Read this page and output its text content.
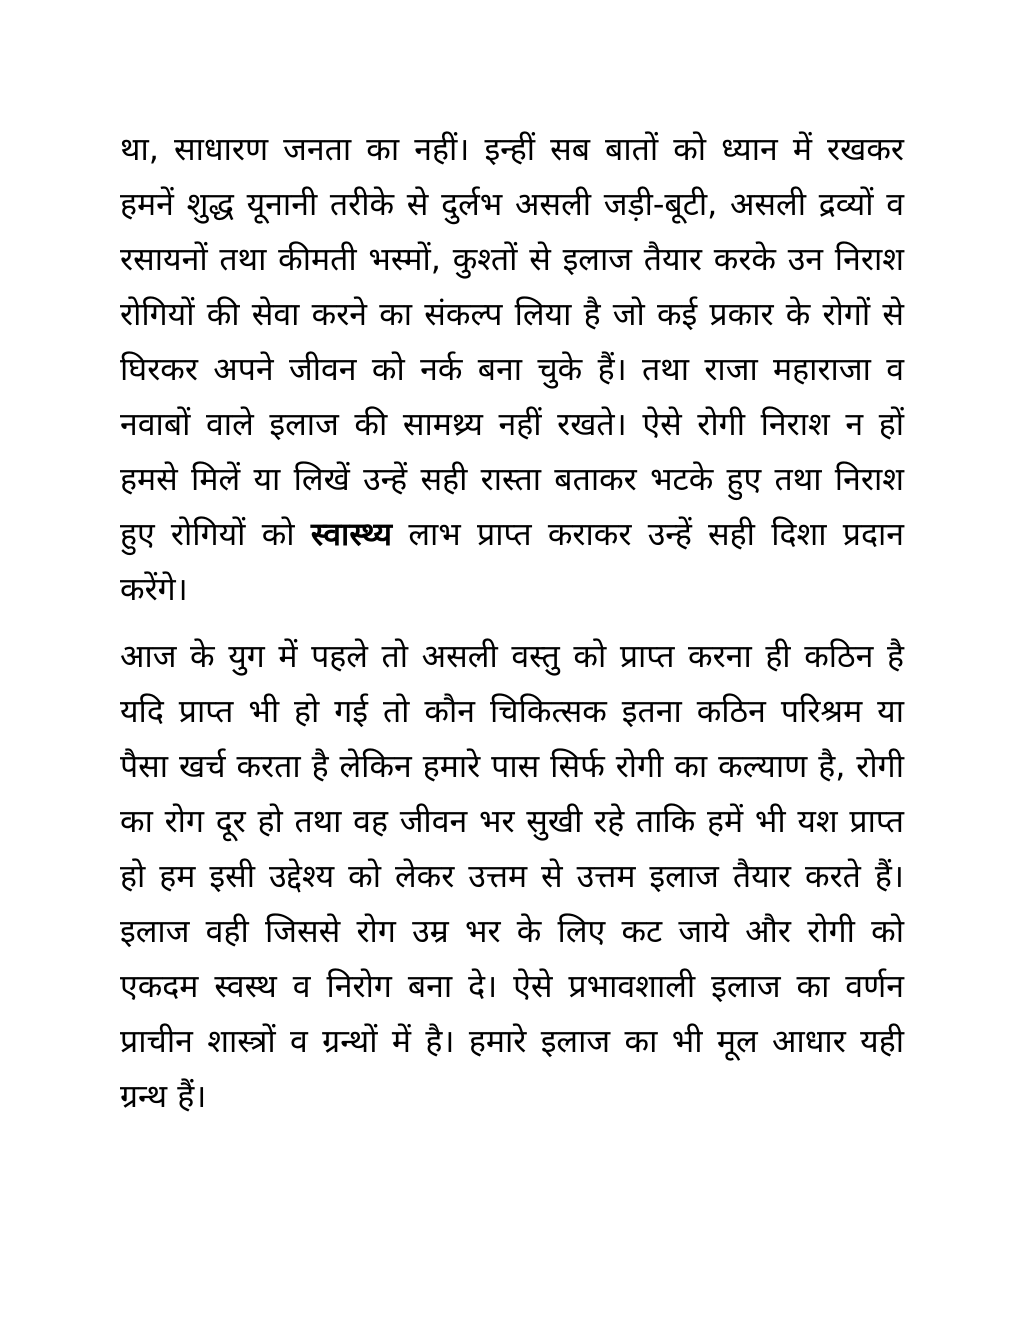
था, साधारण जनता का नहीं। इन्हीं सब बातों को ध्यान में रखकर हमनें शुद्ध यूनानी तरीके से दुर्लभ असली जड़ी-बूटी, असली द्रव्यों व रसायनों तथा कीमती भस्मों, कुश्तों से इलाज तैयार करके उन निराश रोगियों की सेवा करने का संकल्प लिया है जो कई प्रकार के रोगों से घिरकर अपने जीवन को नर्क बना चुके हैं। तथा राजा महाराजा व नवाबों वाले इलाज की सामथ्र्य नहीं रखते। ऐसे रोगी निराश न हों हमसे मिलें या लिखें उन्हें सही रास्ता बताकर भटके हुए तथा निराश हुए रोगियों को स्वास्थ्य लाभ प्राप्त कराकर उन्हें सही दिशा प्रदान करेंगे।

आज के युग में पहले तो असली वस्तु को प्राप्त करना ही कठिन है यदि प्राप्त भी हो गई तो कौन चिकित्सक इतना कठिन परिश्रम या पैसा खर्च करता है लेकिन हमारे पास सिर्फ रोगी का कल्याण है, रोगी का रोग दूर हो तथा वह जीवन भर सुखी रहे ताकि हमें भी यश प्राप्त हो हम इसी उद्देश्य को लेकर उत्तम से उत्तम इलाज तैयार करते हैं। इलाज वही जिससे रोग उम्र भर के लिए कट जाये और रोगी को एकदम स्वस्थ व निरोग बना दे। ऐसे प्रभावशाली इलाज का वर्णन प्राचीन शास्त्रों व ग्रन्थों में है। हमारे इलाज का भी मूल आधार यही ग्रन्थ हैं।
